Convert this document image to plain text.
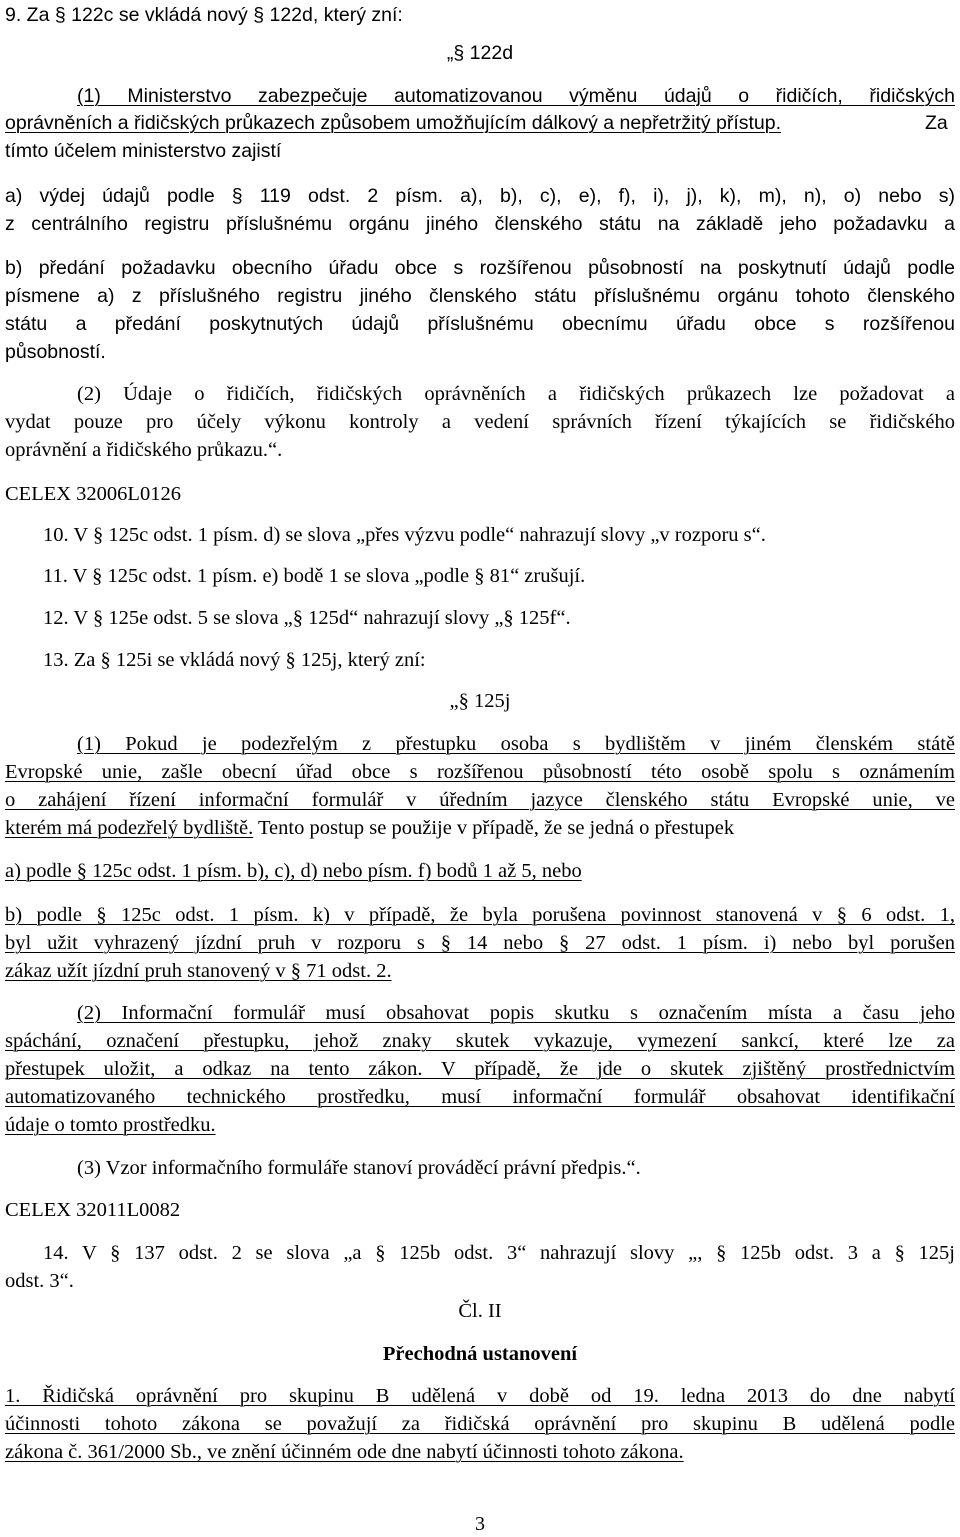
9. Za § 122c se vkládá nový § 122d, který zní:
„§ 122d
(1) Ministerstvo zabezpečuje automatizovanou výměnu údajů o řidičích, řidičských
oprávněních a řidičských průkazech způsobem umožňujícím dálkový a nepřetržitý přístup.	Za
tímto účelem ministerstvo zajistí
a) výdej údajů podle § 119 odst. 2 písm. a), b), c), e), f), i), j), k), m), n), o) nebo s)
z centrálního registru příslušnému orgánu jiného členského státu na základě jeho požadavku a
b) předání požadavku obecního úřadu obce s rozšířenou působností na poskytnutí údajů podle
písmene a) z příslušného registru jiného členského státu příslušnému orgánu tohoto členského
státu a předání poskytnutých údajů příslušnému obecnímu úřadu obce s rozšířenou
působností.
(2) Údaje o řidičích, řidičských oprávněních a řidičských průkazech lze požadovat a
vydat pouze pro účely výkonu kontroly a vedení správních řízení týkajících se řidičského
oprávnění a řidičského průkazu.“.
CELEX 32006L0126
10. V § 125c odst. 1 písm. d) se slova „přes výzvu podle“ nahrazují slovy „v rozporu s“.
11. V § 125c odst. 1 písm. e) bodě 1 se slova „podle § 81“ zrušují.
12. V § 125e odst. 5 se slova „§ 125d“ nahrazují slovy „§ 125f“.
13. Za § 125i se vkládá nový § 125j, který zní:
„§ 125j
(1) Pokud je podezřelým z přestupku osoba s bydlištěm v jiném členském státě
Evropské unie, zašle obecní úřad obce s rozšířenou působností této osobě spolu s oznámením
o zahájení řízení informační formulář v úředním jazyce členského státu Evropské unie, ve
kterém má podezřelý bydliště. Tento postup se použije v případě, že se jedná o přestupek
a) podle § 125c odst. 1 písm. b), c), d) nebo písm. f) bodů 1 až 5, nebo
b) podle § 125c odst. 1 písm. k) v případě, že byla porušena povinnost stanovená v § 6 odst. 1,
byl užit vyhrazený jízdní pruh v rozporu s § 14 nebo § 27 odst. 1 písm. i) nebo byl porušen
zákaz užít jízdní pruh stanovený v § 71 odst. 2.
(2) Informační formulář musí obsahovat popis skutku s označením místa a času jeho
spáchání, označení přestupku, jehož znaky skutek vykazuje, vymezení sankcí, které lze za
přestupek uložit, a odkaz na tento zákon. V případě, že jde o skutek zjištěný prostřednictvím
automatizovaného technického prostředku, musí informační formulář obsahovat identifikační
údaje o tomto prostředku.
(3) Vzor informačního formuláře stanoví prováděcí právní předpis.“.
CELEX 32011L0082
14. V § 137 odst. 2 se slova „a § 125b odst. 3“ nahrazují slovy „, § 125b odst. 3 a § 125j
odst. 3“.
Čl. II
Přechodná ustanovení
1. Řidičská oprávnění pro skupinu B udělená v době od 19. ledna 2013 do dne nabytí
účinnosti tohoto zákona se považují za řidičská oprávnění pro skupinu B udělená podle
zákona č. 361/2000 Sb., ve znění účinném ode dne nabytí účinnosti tohoto zákona.
3
